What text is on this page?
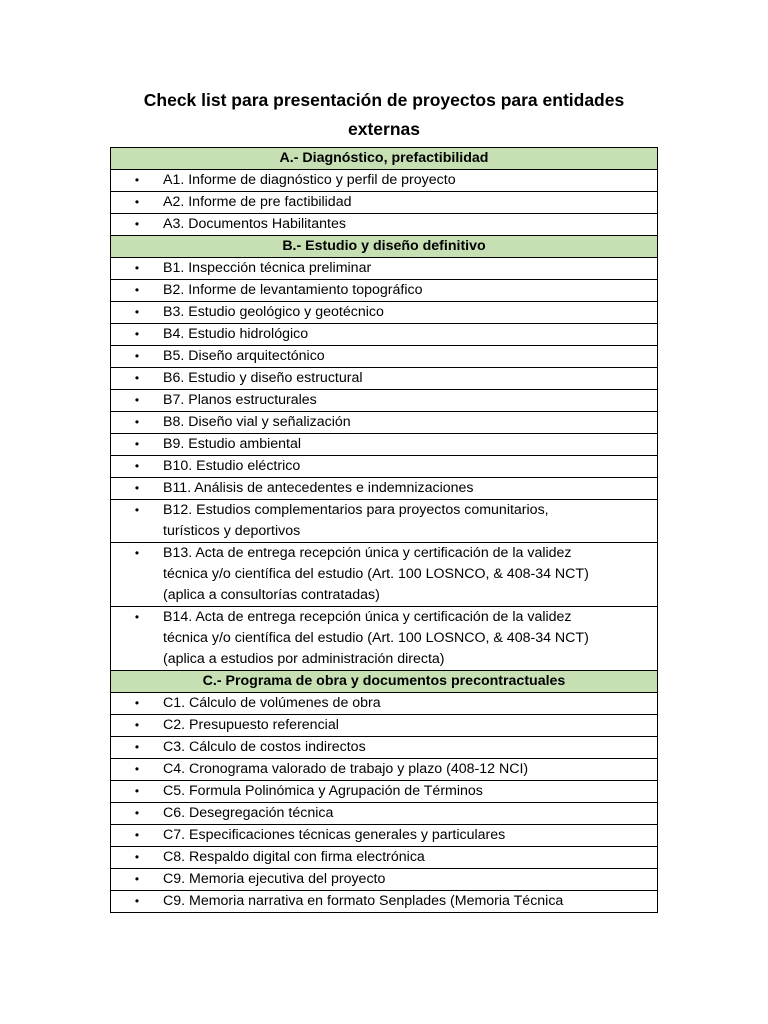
Check list para presentación de proyectos para entidades
externas
A.- Diagnóstico, prefactibilidad

•	A1. Informe de diagnóstico y perfil de proyecto

•	A2. Informe de pre factibilidad

•	A3. Documentos Habilitantes

B.- Estudio y diseño definitivo

•	B1. Inspección técnica preliminar

•	B2. Informe de levantamiento topográfico

•	B3. Estudio geológico y geotécnico

•	B4. Estudio hidrológico

•	B5. Diseño arquitectónico

•	B6. Estudio y diseño estructural

•	B7. Planos estructurales

•	B8. Diseño vial y señalización

•	B9. Estudio ambiental

•	B10. Estudio eléctrico

•	B11. Análisis de antecedentes e indemnizaciones

•	B12. Estudios complementarios para proyectos comunitarios,
turísticos y deportivos

•	B13. Acta de entrega recepción única y certificación de la validez
técnica y/o científica del estudio (Art. 100 LOSNCO, & 408-34 NCT)
(aplica a consultorías contratadas)

•	B14. Acta de entrega recepción única y certificación de la validez
técnica y/o científica del estudio (Art. 100 LOSNCO, & 408-34 NCT)
(aplica a estudios por administración directa)

C.- Programa de obra y documentos precontractuales

•	C1. Cálculo de volúmenes de obra

•	C2. Presupuesto referencial

•	C3. Cálculo de costos indirectos

•	C4. Cronograma valorado de trabajo y plazo (408-12 NCI)

•	C5. Formula Polinómica y Agrupación de Términos

•	C6. Desegregación técnica

•	C7. Especificaciones técnicas generales y particulares

•	C8. Respaldo digital con firma electrónica

•	C9. Memoria ejecutiva del proyecto

•	C9. Memoria narrativa en formato Senplades (Memoria Técnica
